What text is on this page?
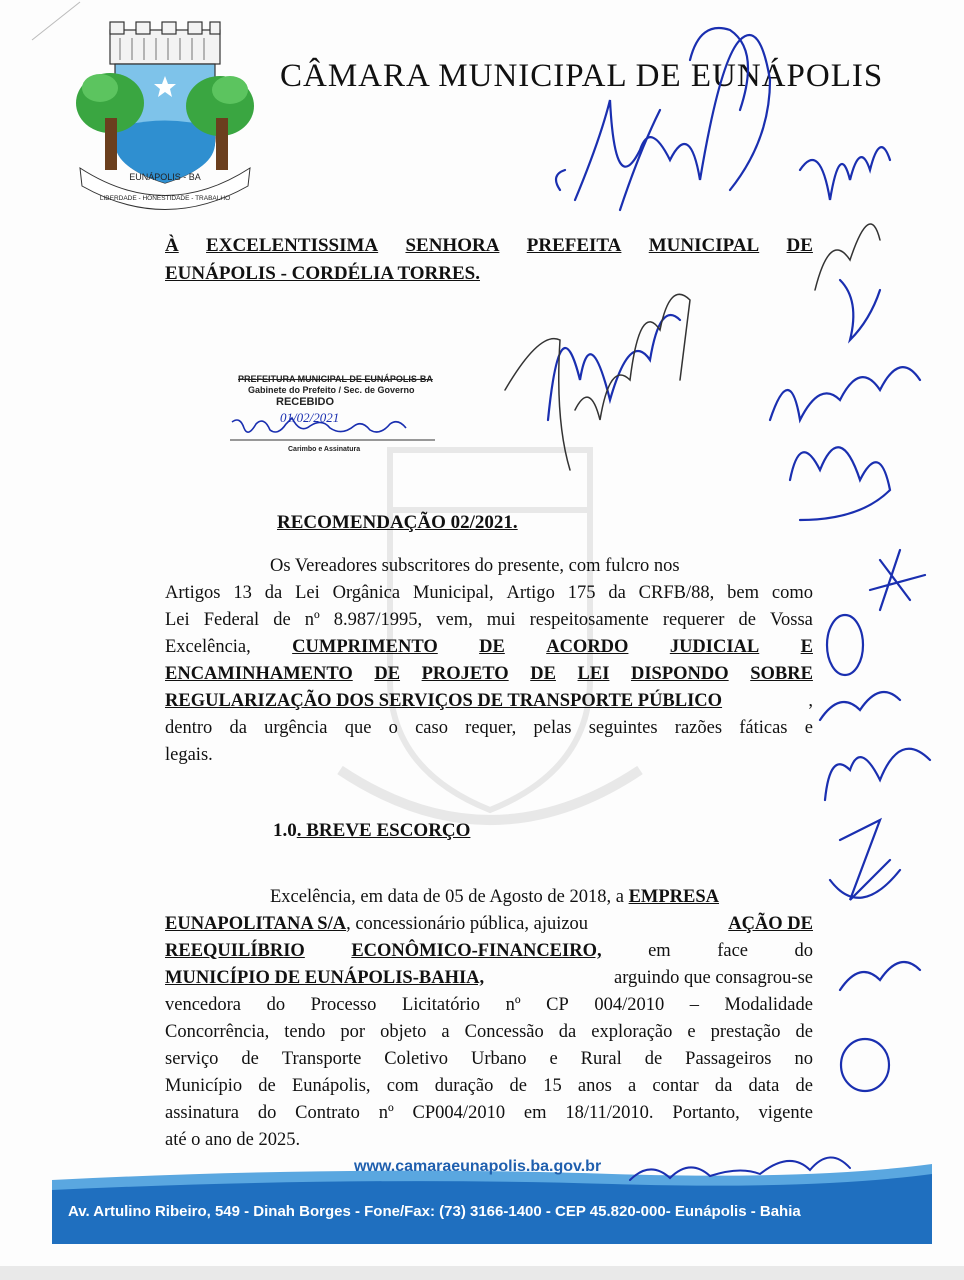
EUNÁPOLIS - BA
LIBERDADE - HONESTIDADE - TRABALHO
CÂMARA MUNICIPAL DE EUNÁPOLIS
À EXCELENTISSIMA SENHORA PREFEITA MUNICIPAL DE
EUNÁPOLIS - CORDÉLIA TORRES.
PREFEITURA MUNICIPAL DE EUNÁPOLIS-BA
Gabinete do Prefeito / Sec. de Governo
RECEBIDO
01/02/2021
Carimbo e Assinatura
RECOMENDAÇÃO 02/2021.

Os Vereadores subscritores do presente, com fulcro nos

Artigos 13 da Lei Orgânica Municipal, Artigo 175 da CRFB/88, bem como

Lei Federal de nº 8.987/1995, vem, mui respeitosamente requerer de Vossa

Excelência, CUMPRIMENTO DE ACORDO JUDICIAL E

ENCAMINHAMENTO DE PROJETO DE LEI DISPONDO SOBRE

REGULARIZAÇÃO DOS SERVIÇOS DE TRANSPORTE PÚBLICO	,

dentro da urgência que o caso requer, pelas seguintes razões fáticas e

legais.

1.0. BREVE ESCORÇO

Excelência, em data de 05 de Agosto de 2018, a EMPRESA

EUNAPOLITANA S/A, concessionário pública, ajuizou	AÇÃO DE

REEQUILÍBRIO	ECONÔMICO-FINANCEIRO,	em	face	do

MUNICÍPIO DE EUNÁPOLIS-BAHIA,	arguindo que consagrou-se

vencedora do Processo Licitatório nº CP 004/2010 – Modalidade

Concorrência, tendo por objeto a Concessão da exploração e prestação de

serviço de Transporte Coletivo Urbano e Rural de Passageiros no

Município de Eunápolis, com duração de 15 anos a contar da data de

assinatura do Contrato nº CP004/2010 em 18/11/2010. Portanto, vigente

até o ano de 2025.

www.camaraeunapolis.ba.gov.br
Av. Artulino Ribeiro, 549 - Dinah Borges - Fone/Fax: (73) 3166-1400 - CEP 45.820-000- Eunápolis - Bahia
